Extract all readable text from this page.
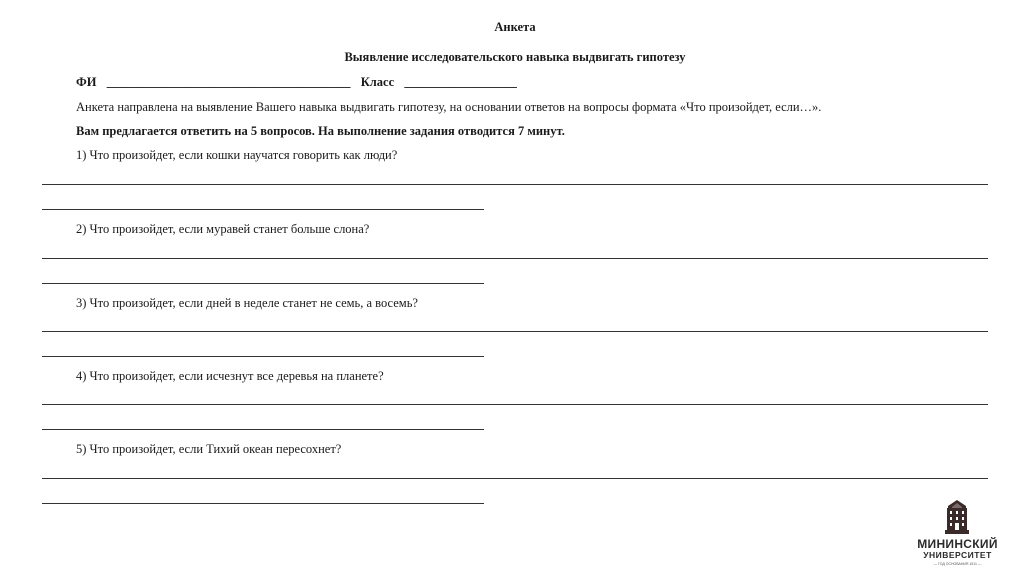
Анкета
Выявление исследовательского навыка выдвигать гипотезу
ФИ _______________________________________ Класс __________________
Анкета направлена на выявление Вашего навыка выдвигать гипотезу, на основании ответов на вопросы формата «Что произойдет, если…».
Вам предлагается ответить на 5 вопросов. На выполнение задания отводится 7 минут.
1) Что произойдет, если кошки научатся говорить как люди?
2) Что произойдет, если муравей станет больше слона?
3) Что произойдет, если дней в неделе станет не семь, а восемь?
4) Что произойдет, если исчезнут все деревья на планете?
5) Что произойдет, если Тихий океан пересохнет?
МИНИНСКИЙ
УНИВЕРСИТЕТ
— ГОД ОСНОВАНИЯ 1911 —
